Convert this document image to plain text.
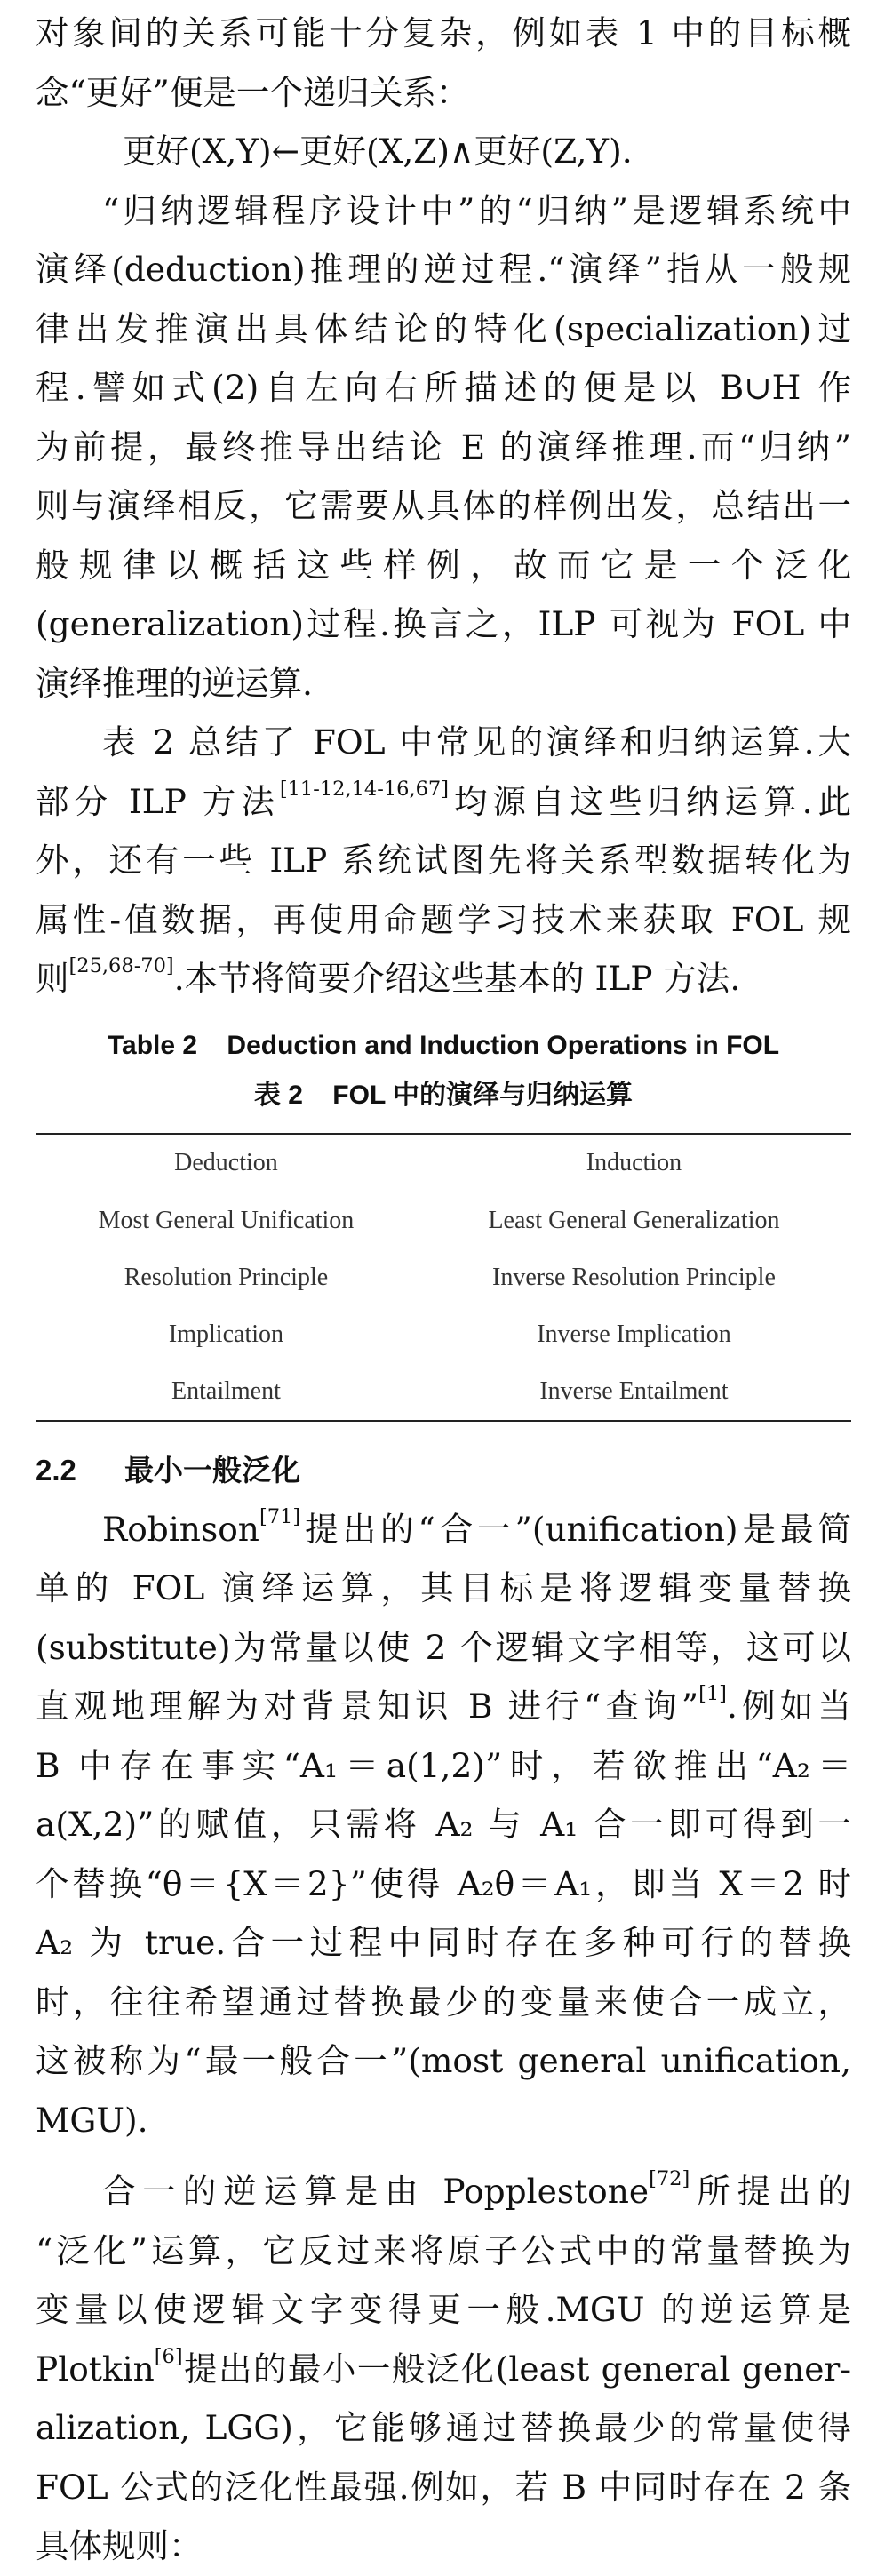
对象间的关系可能十分复杂，例如表 1 中的目标概
念“更好”便是一个递归关系：

更好(X,Y)←更好(X,Z)∧更好(Z,Y).

“归纳逻辑程序设计中”的“归纳”是逻辑系统中
演绎(deduction)推理的逆过程.“演绎”指从一般规
律出发推演出具体结论的特化(specialization)过
程.譬如式(2)自左向右所描述的便是以 B∪H 作
为前提，最终推导出结论 E 的演绎推理.而“归纳”
则与演绎相反，它需要从具体的样例出发，总结出一
般规律以概括这些样例，故而它是一个泛化
(generalization)过程.换言之，ILP 可视为 FOL 中
演绎推理的逆运算.
表 2 总结了 FOL 中常见的演绎和归纳运算.大
部分 ILP 方法[11-12,14-16,67]均源自这些归纳运算.此
外，还有一些 ILP 系统试图先将关系型数据转化为
属性-值数据，再使用命题学习技术来获取 FOL 规
则[25,68-70].本节将简要介绍这些基本的 ILP 方法.

Table 2    Deduction and Induction Operations in FOL

表 2    FOL 中的演绎与归纳运算

Deduction	Induction
Most General Unification	Least General Generalization
Resolution Principle	Inverse Resolution Principle
Implication	Inverse Implication
Entailment	Inverse Entailment
2.2 最小一般泛化
Robinson[71]提出的“合一”(unification)是最简
单的 FOL 演绎运算，其目标是将逻辑变量替换
(substitute)为常量以使 2 个逻辑文字相等，这可以
直观地理解为对背景知识 B 进行“查询”[1].例如当
B 中存在事实“A₁＝a(1,2)”时，若欲推出“A₂＝
a(X,2)”的赋值，只需将 A₂ 与 A₁ 合一即可得到一
个替换“θ＝{X＝2}”使得 A₂θ＝A₁，即当 X＝2 时
A₂ 为 true.合一过程中同时存在多种可行的替换
时，往往希望通过替换最少的变量来使合一成立，
这被称为“最一般合一”(most general unification,
MGU).
合一的逆运算是由 Popplestone[72]所提出的
“泛化”运算，它反过来将原子公式中的常量替换为
变量以使逻辑文字变得更一般.MGU 的逆运算是
Plotkin[6]提出的最小一般泛化(least general gener-
alization, LGG)，它能够通过替换最少的常量使得
FOL 公式的泛化性最强.例如，若 B 中同时存在 2 条
具体规则：
